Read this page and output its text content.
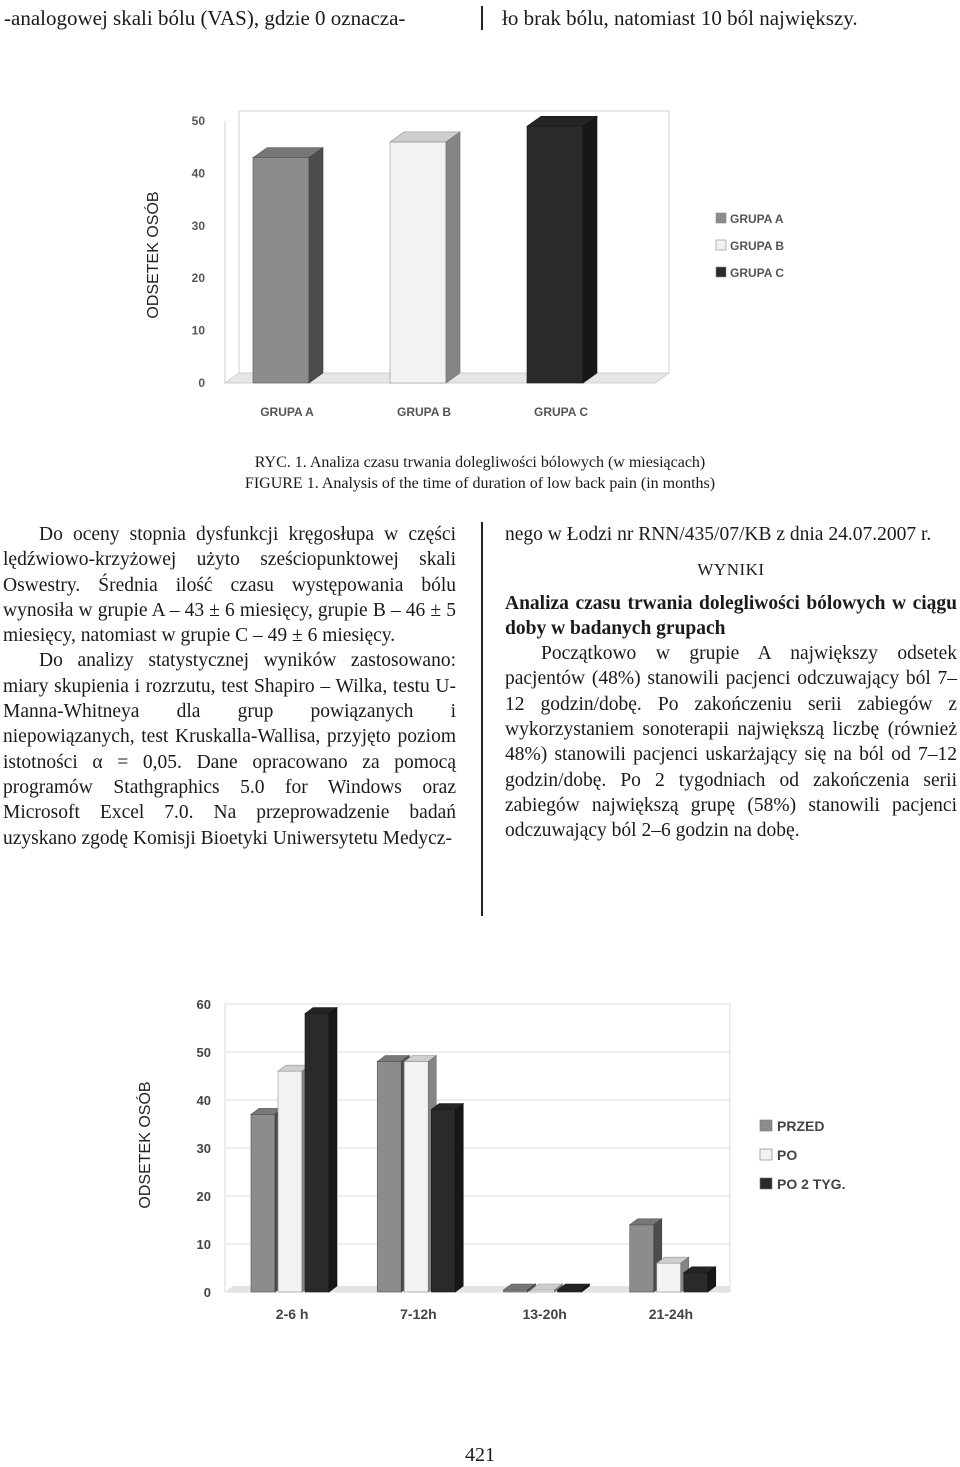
-analogowej skali bólu (VAS), gdzie 0 oznacza-	ło brak bólu, natomiast 10 ból największy.
ODSETEK OSÓB
0
10
20
30
40
50
GRUPA A	GRUPA B	GRUPA C
GRUPA A
GRUPA B
GRUPA C
RYC. 1. Analiza czasu trwania dolegliwości bólowych (w miesiącach)
FIGURE 1. Analysis of the time of duration of low back pain (in months)

Do oceny stopnia dysfunkcji kręgosłupa w części lędźwiowo-krzyżowej użyto sześciopunktowej skali Oswestry. Średnia ilość czasu występowania bólu wynosiła w grupie A – 43 ± 6 miesięcy, grupie B – 46 ± 5 miesięcy, natomiast w grupie C – 49 ± 6 miesięcy.

Do analizy statystycznej wyników zastosowano: miary skupienia i rozrzutu, test Shapiro – Wilka, testu U-Manna-Whitneya dla grup powiązanych i niepowiązanych, test Kruskalla-Wallisa, przyjęto poziom istotności α = 0,05. Dane opracowano za pomocą programów Stathgraphics 5.0 for Windows oraz Microsoft Excel 7.0. Na przeprowadzenie badań uzyskano zgodę Komisji Bioetyki Uniwersytetu Medycz-

nego w Łodzi nr RNN/435/07/KB z dnia 24.07.2007 r.

WYNIKI

Analiza czasu trwania dolegliwości bólowych w ciągu doby w badanych grupach

Początkowo w grupie A największy odsetek pacjentów (48%) stanowili pacjenci odczuwający ból 7–12 godzin/dobę. Po zakończeniu serii zabiegów z wykorzystaniem sonoterapii największą liczbę (również 48%) stanowili pacjenci uskarżający się na ból od 7–12 godzin/dobę. Po 2 tygodniach od zakończenia serii zabiegów największą grupę (58%) stanowili pacjenci odczuwający ból 2–6 godzin na dobę.

ODSETEK OSÓB
0
10
20
30
40
50
60
2-6 h	7-12h	13-20h	21-24h
PRZED
PO
PO 2 TYG.
421
